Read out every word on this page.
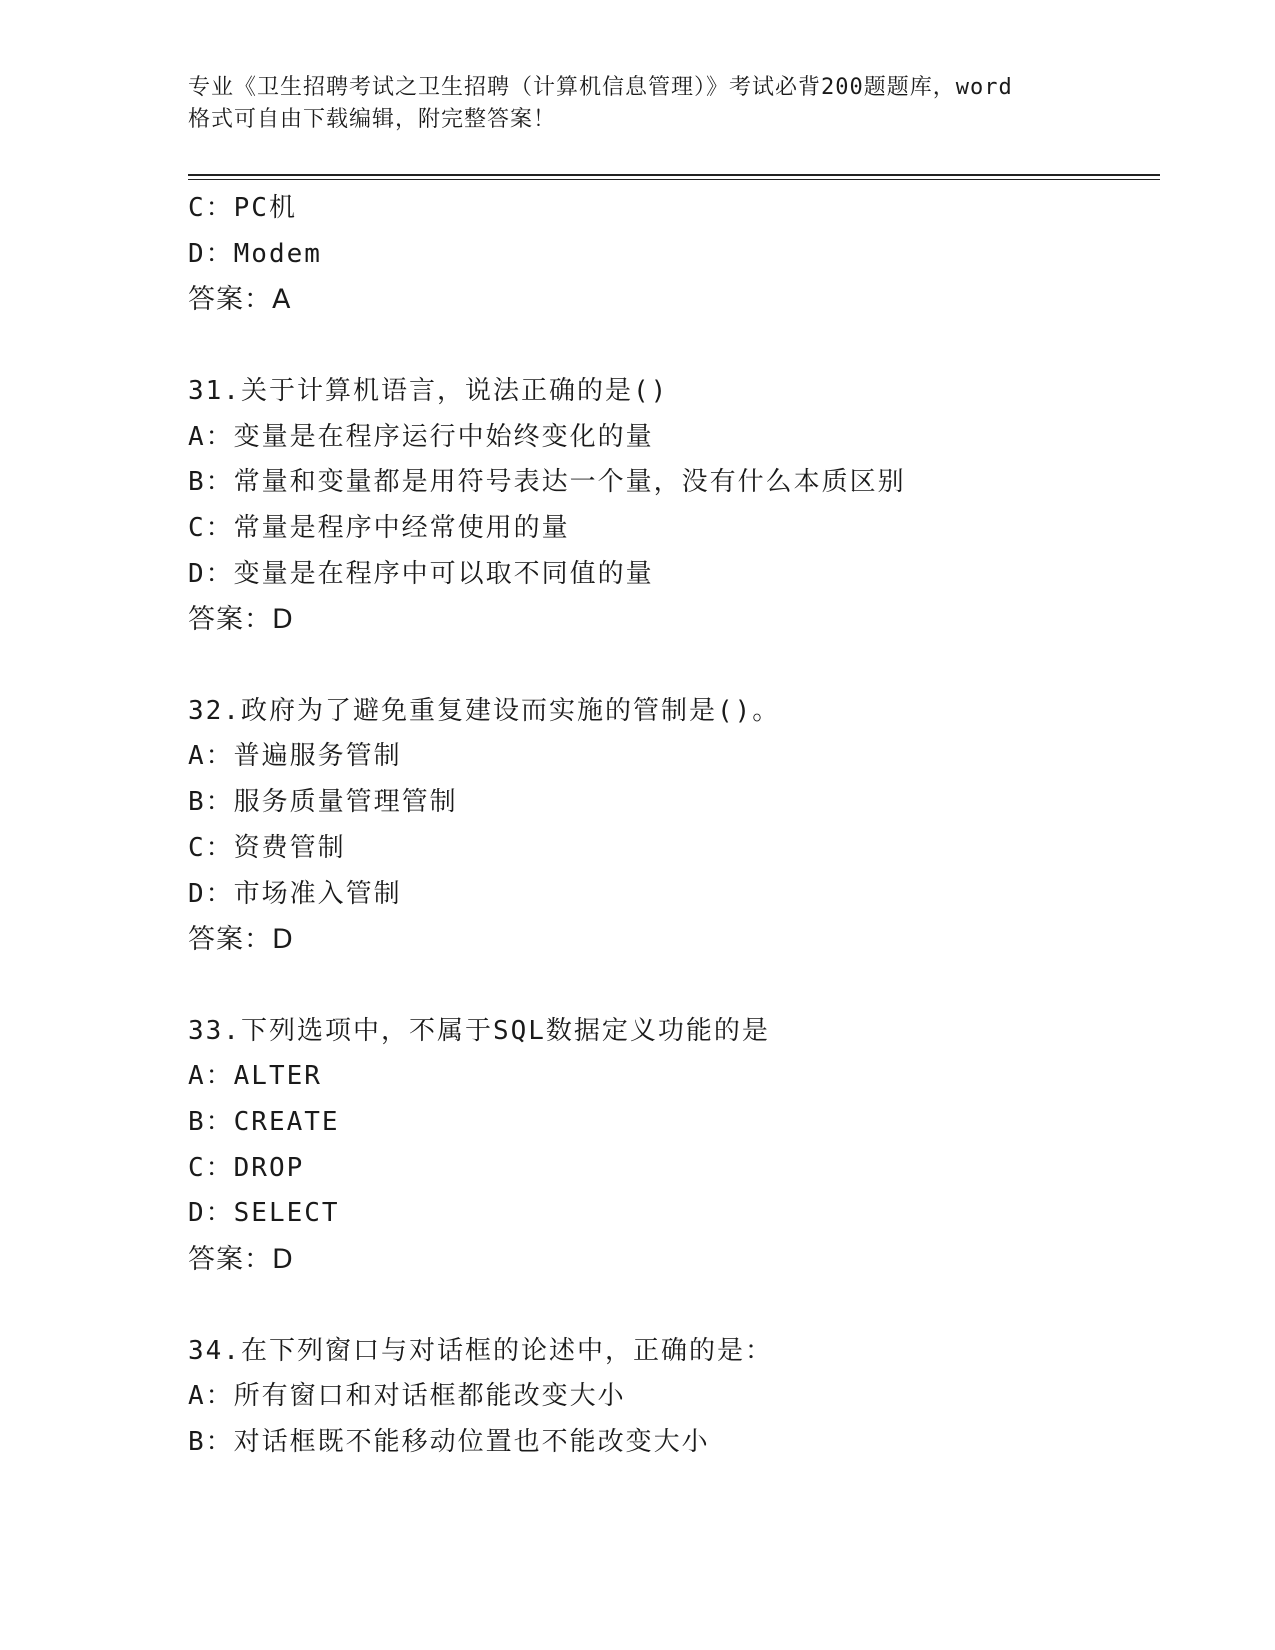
专业《卫生招聘考试之卫生招聘（计算机信息管理）》考试必背200题题库，word

格式可自由下载编辑，附完整答案！

C：PC机
D：Modem
答案：A
31.关于计算机语言，说法正确的是()
A：变量是在程序运行中始终变化的量
B：常量和变量都是用符号表达一个量，没有什么本质区别
C：常量是程序中经常使用的量
D：变量是在程序中可以取不同值的量
答案：D
32.政府为了避免重复建设而实施的管制是()。
A：普遍服务管制
B：服务质量管理管制
C：资费管制
D：市场准入管制
答案：D
33.下列选项中，不属于SQL数据定义功能的是
A：ALTER
B：CREATE
C：DROP
D：SELECT
答案：D
34.在下列窗口与对话框的论述中，正确的是：
A：所有窗口和对话框都能改变大小
B：对话框既不能移动位置也不能改变大小
